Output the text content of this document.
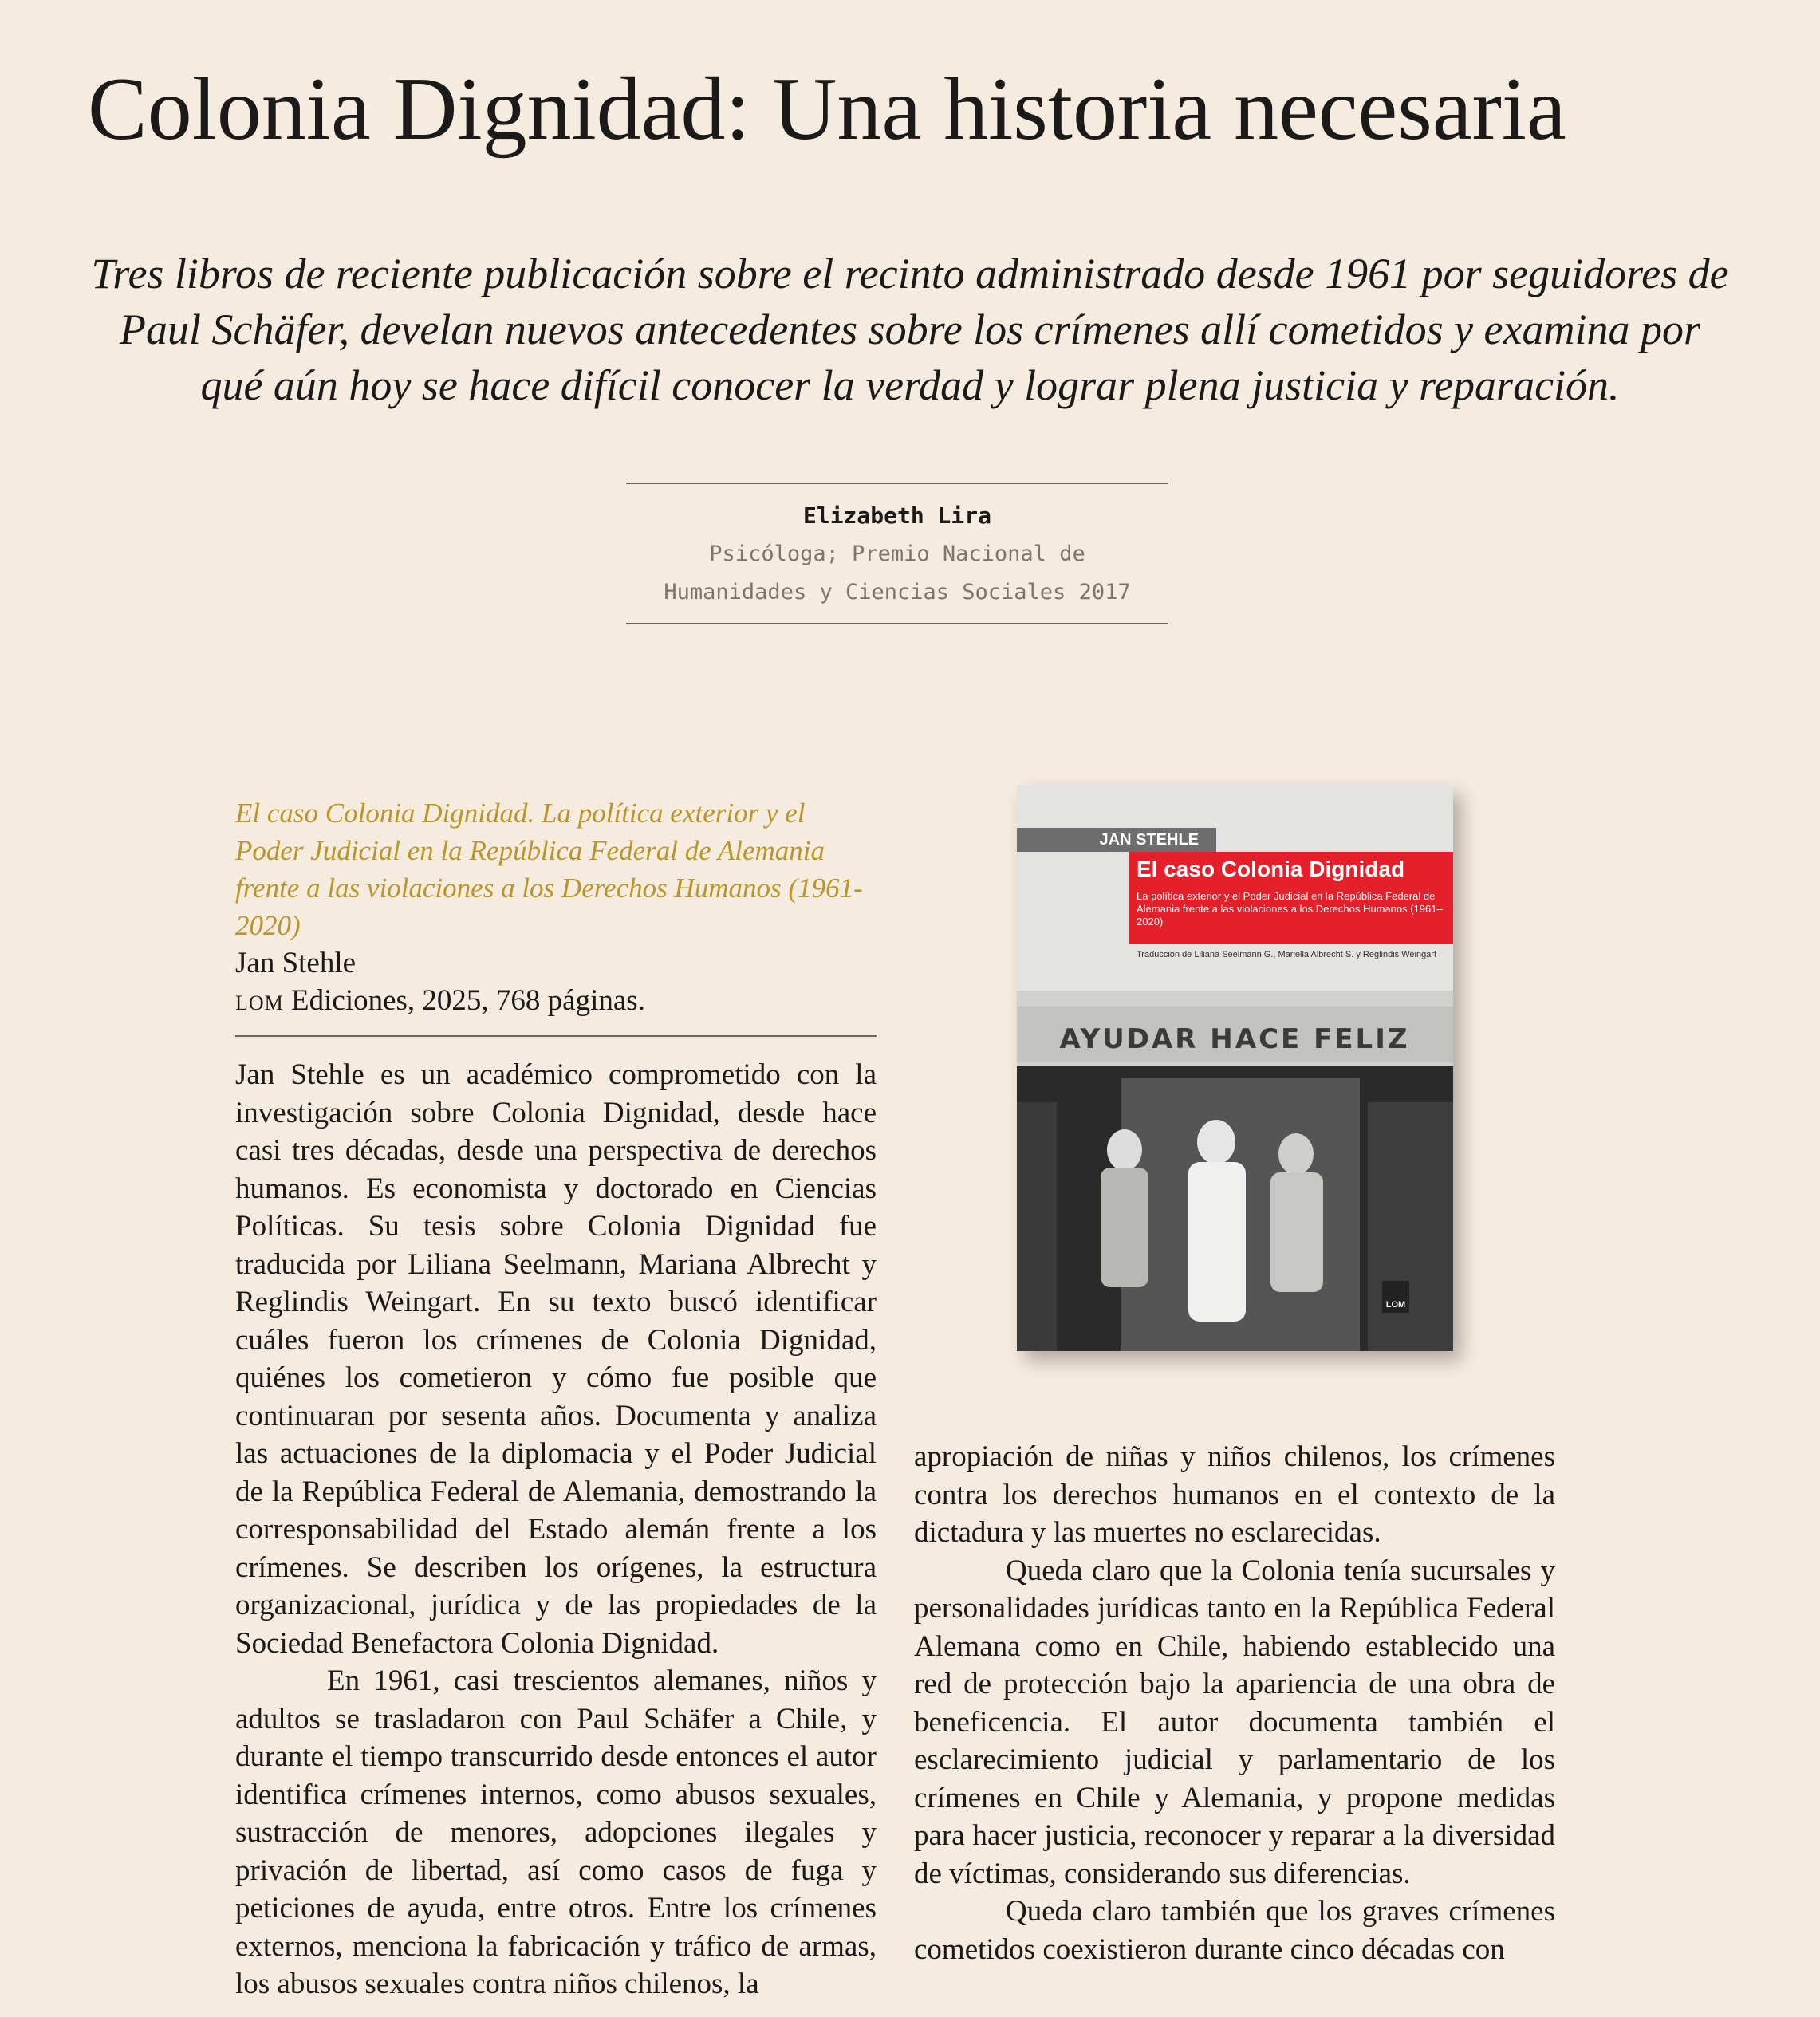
Colonia Dignidad: Una historia necesaria

Tres libros de reciente publicación sobre el recinto administrado desde 1961 por seguidores de Paul Schäfer, develan nuevos antecedentes sobre los crímenes allí cometidos y examina por qué aún hoy se hace difícil conocer la verdad y lograr plena justicia y reparación.

Elizabeth Lira
Psicóloga; Premio Nacional de
Humanidades y Ciencias Sociales 2017
El caso Colonia Dignidad. La política exterior y el Poder Judicial en la República Federal de Alemania frente a las violaciones a los Derechos Humanos (1961-2020)
Jan Stehle
lom Ediciones, 2025, 768 páginas.

Jan Stehle es un académico comprometido con la investigación sobre Colonia Dignidad, desde hace casi tres décadas, desde una perspectiva de derechos humanos. Es economista y doctorado en Ciencias Políticas. Su tesis sobre Colonia Dignidad fue traducida por Liliana Seelmann, Mariana Albrecht y Reglindis Weingart. En su texto buscó identificar cuáles fueron los crímenes de Colonia Dignidad, quiénes los cometieron y cómo fue posible que continuaran por sesenta años. Documenta y analiza las actuaciones de la diplomacia y el Poder Judicial de la República Federal de Alemania, demostrando la corresponsabilidad del Estado alemán frente a los crímenes. Se describen los orígenes, la estructura organizacional, jurídica y de las propiedades de la Sociedad Benefactora Colonia Dignidad.

En 1961, casi trescientos alemanes, niños y adultos se trasladaron con Paul Schäfer a Chile, y durante el tiempo transcurrido desde entonces el autor identifica crímenes internos, como abusos sexuales, sustracción de menores, adopciones ilegales y privación de libertad, así como casos de fuga y peticiones de ayuda, entre otros. Entre los crímenes externos, menciona la fabricación y tráfico de armas, los abusos sexuales contra niños chilenos, la

JAN STEHLE
El caso Colonia Dignidad
La política exterior y el Poder Judicial en la República Federal de Alemania frente a las violaciones a los Derechos Humanos (1961–2020)
Traducción de Liliana Seelmann G., Mariella Albrecht S. y Reglindis Weingart
AYUDAR HACE FELIZ
LOM

apropiación de niñas y niños chilenos, los crímenes contra los derechos humanos en el contexto de la dictadura y las muertes no esclarecidas.

Queda claro que la Colonia tenía sucursales y personalidades jurídicas tanto en la República Federal Alemana como en Chile, habiendo establecido una red de protección bajo la apariencia de una obra de beneficencia. El autor documenta también el esclarecimiento judicial y parlamentario de los crímenes en Chile y Alemania, y propone medidas para hacer justicia, reconocer y reparar a la diversidad de víctimas, considerando sus diferencias.

Queda claro también que los graves crímenes cometidos coexistieron durante cinco décadas con
